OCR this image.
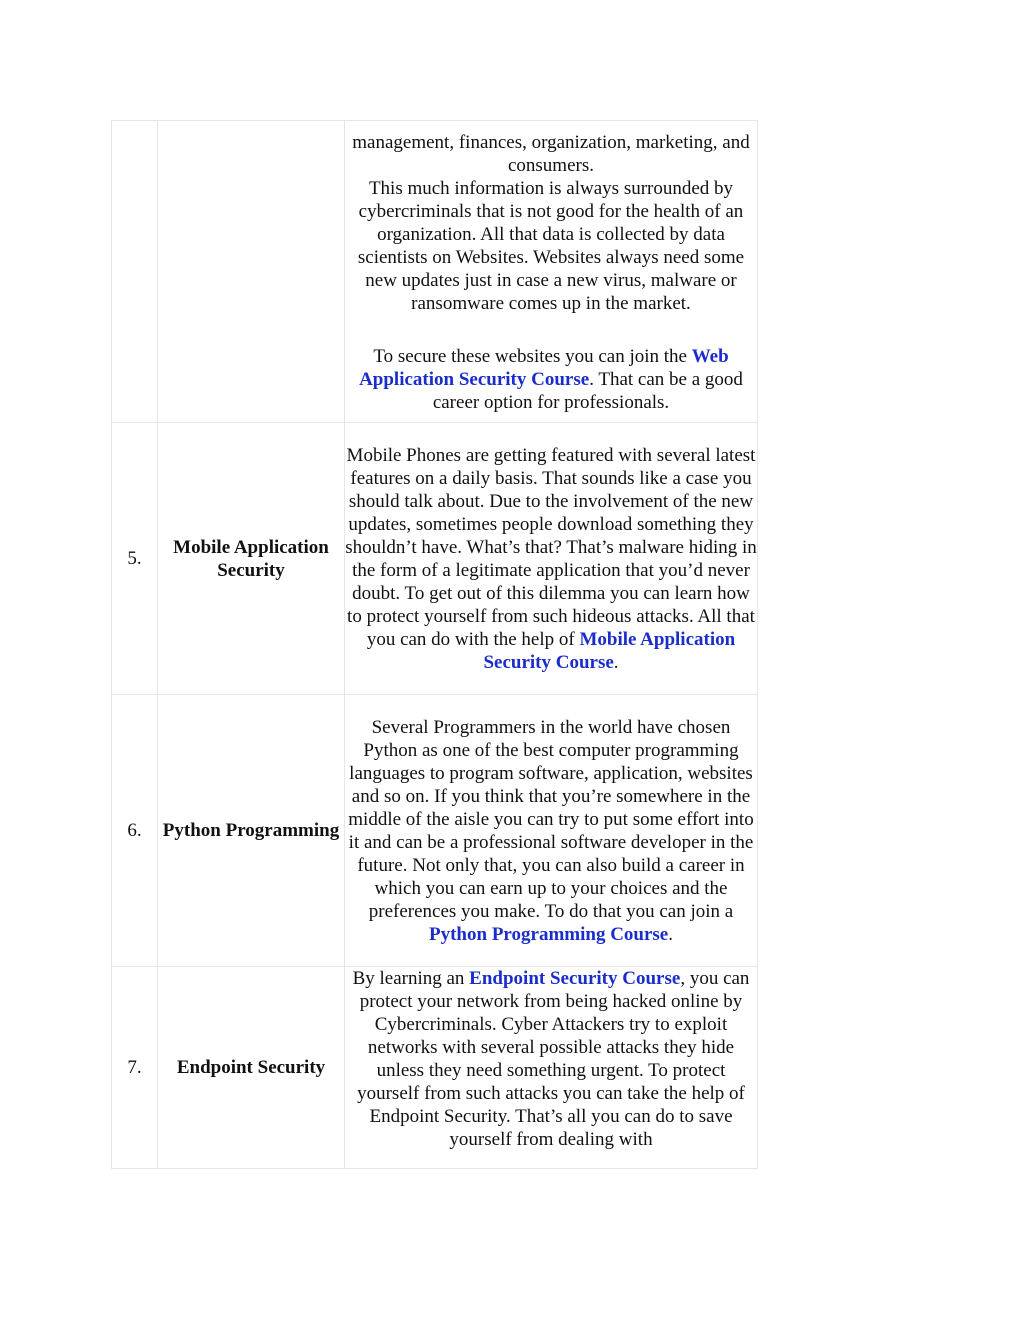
		management, finances, organization, marketing, and consumers.

This much information is always surrounded by cybercriminals that is not good for the health of an organization. All that data is collected by data scientists on Websites. Websites always need some new updates just in case a new virus, malware or ransomware comes up in the market.

To secure these websites you can join the Web Application Security Course. That can be a good career option for professionals.

5.	Mobile Application Security	Mobile Phones are getting featured with several latest features on a daily basis. That sounds like a case you should talk about. Due to the involvement of the new updates, sometimes people download something they shouldn’t have. What’s that? That’s malware hiding in the form of a legitimate application that you’d never doubt. To get out of this dilemma you can learn how to protect yourself from such hideous attacks. All that you can do with the help of Mobile Application Security Course.

6.	Python Programming	Several Programmers in the world have chosen Python as one of the best computer programming languages to program software, application, websites and so on. If you think that you’re somewhere in the middle of the aisle you can try to put some effort into it and can be a professional software developer in the future. Not only that, you can also build a career in which you can earn up to your choices and the preferences you make. To do that you can join a Python Programming Course.

7.	Endpoint Security	By learning an Endpoint Security Course, you can protect your network from being hacked online by Cybercriminals. Cyber Attackers try to exploit networks with several possible attacks they hide unless they need something urgent. To protect yourself from such attacks you can take the help of Endpoint Security. That’s all you can do to save yourself from dealing with
